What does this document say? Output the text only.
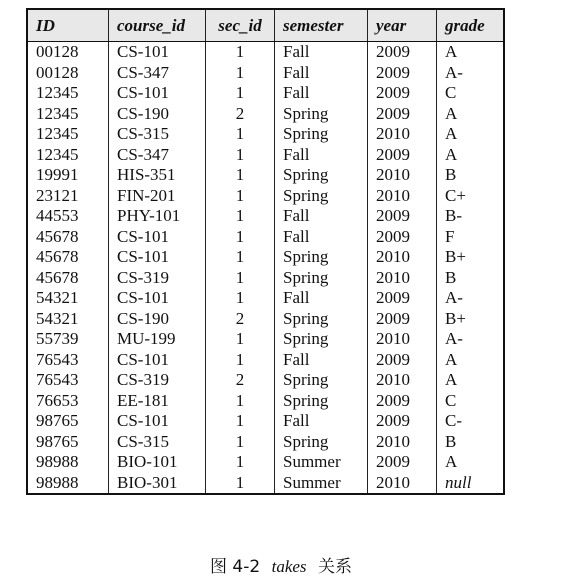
ID	course_id	sec_id	semester	year	grade
00128	CS-101	1	Fall	2009	A
00128	CS-347	1	Fall	2009	A-
12345	CS-101	1	Fall	2009	C
12345	CS-190	2	Spring	2009	A
12345	CS-315	1	Spring	2010	A
12345	CS-347	1	Fall	2009	A
19991	HIS-351	1	Spring	2010	B
23121	FIN-201	1	Spring	2010	C+
44553	PHY-101	1	Fall	2009	B-
45678	CS-101	1	Fall	2009	F
45678	CS-101	1	Spring	2010	B+
45678	CS-319	1	Spring	2010	B
54321	CS-101	1	Fall	2009	A-
54321	CS-190	2	Spring	2009	B+
55739	MU-199	1	Spring	2010	A-
76543	CS-101	1	Fall	2009	A
76543	CS-319	2	Spring	2010	A
76653	EE-181	1	Spring	2009	C
98765	CS-101	1	Fall	2009	C-
98765	CS-315	1	Spring	2010	B
98988	BIO-101	1	Summer	2009	A
98988	BIO-301	1	Summer	2010	null
图 4-2 takes 关系
